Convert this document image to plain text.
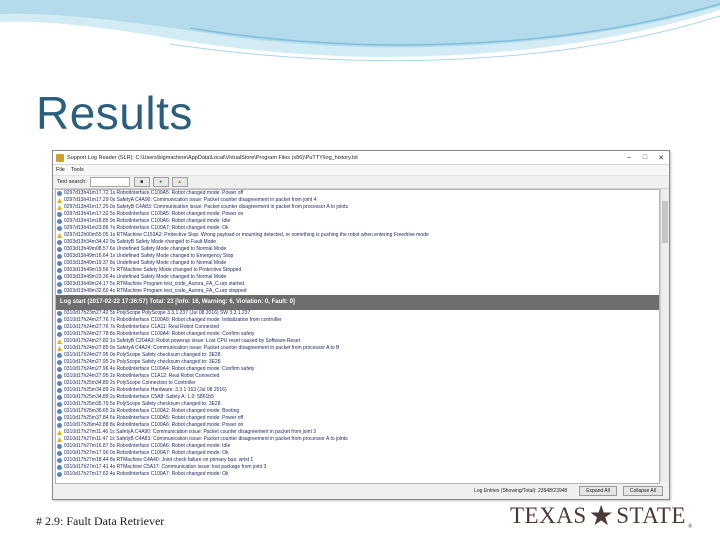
Results
Support Log Reader (SLR): C:\Users\bigmachine\AppData\Local\VirtualStore\Program Files (x86)\PuTTY\log_history.txt	–	□	✕
File Tools
Text search:	■	●	▲
0297d13h41m17.72 1s RobotInterface C100A5: Robot changed mode: Power off
0297d13h41m17.29 0s SafetyA C4A90: Communication issue: Packet counter disagreement in packet from joint 4
0297d13h41m17.29 0s SafetyB C4A83: Communication issue: Packet counter disagreement in packet from processor A to joints
0297d13h41m17.32 5s RobotInterface C100A5: Robot changed mode: Power on
0297d13h41m18.85 9s RobotInterface C100A6: Robot changed mode: Idle
0297d13h41m23.86 7s RobotInterface C100A7: Robot changed mode: Ok
0297d12h00m55.05 1s RTMachine C153A2: Protective Stop: Wrong payload or mounting detected, or something is pushing the robot when entering Freedrive mode
0303d13h34m34.42 9s SafetyB Safety Mode changed to Fault Mode
0303d13h49m08.57 6s Undefined Safety Mode changed to Normal Mode
0303d13h49m16.64 1s Undefined Safety Mode changed to Emergency Stop
0303d13h49m19.37 8s Undefined Safety Mode changed to Normal Mode
0303d13h49m19.56 7s RTMachine Safety Mode changed to Protective Stopped
0303d13h49m23.36 4s Undefined Safety Mode changed to Normal Mode
0303d13h49m24.17 5s RTMachine Program test_code_Aurora_FA_C.urp started
0303d13h49m32.60 4s RTMachine Program test_code_Aurora_FA_C.urp stopped
Log start (2017-02-22 17:36:57) Total: 23 [Info: 16, Warning: 6, Violation: 0, Fault: 0]
0310d17h23m27.42 5s PolyScope PolyScope 3.3.1.237 (Jul 08 2016) SW 3.3.1.237
0310d17h24m27.76 7s RobotInterface C100A8: Robot changed mode: Initialization from controller
0310d17h24m27.76 7s RobotInterface C1A11: Real Robot Connected
0310d17h24m27.78 8s RobotInterface C100A4: Robot changed mode: Confirm safety
0310d17h24m27.82 1s SafetyB C204A3: Robot powerup issue: Lost CPU reset caused by Software-Reset
0310d17h24m27.85 9s SafetyA C4A24: Communication issue: Packet counter disagreement in packet from processor A to B
0310d17h24m27.95 0s PolyScope Safety checksum changed to: 3E28
0310d17h24m27.95 2s PolyScope Safety checksum changed to: 3E28
0310d17h24m27.96 4s RobotInterface C100A4: Robot changed mode: Confirm safety
0310d17h24m27.95 2s RobotInterface C1A12: Real Robot Connected
0310d17h25m34.89 2s PolyScope Connection to Controller
0310d17h25m34.89 2s RobotInterface Hardware: 3.3 1.163 (Jul 08 2016)
0310d17h25m34.89 2s RobotInterface C5A8: Safety A: 1.0: 5861b5
0310d17h25m35.79 5s PolyScope Safety checksum changed to: 3E28
0310d17h25m36.65 2s RobotInterface C100A2: Robot changed mode: Booting
0310d17h25m37.84 6s RobotInterface C100A5: Robot changed mode: Power off
0310d17h26m42.88 8s RobotInterface C100A6: Robot changed mode: Power on
0310d17h27m11.46 1s SafetyA C4A90: Communication issue: Packet counter disagreement in packet from joint 3
0310d17h27m11.47 1s SafetyB C4A83: Communication issue: Packet counter disagreement in packet from processor A to joints
0310d17h27m16.87 5s RobotInterface C100A6: Robot changed mode: Idle
0310d17h27m17.90 0s RobotInterface C100A7: Robot changed mode: Ok
0310d17h27m18.44 8s RTMachine C4A40: Joint check failure on primary bus: wrist 1
0310d17h27m17.41 4s RTMachine C5A17: Communication issue: lost package from joint 3
0310d17h27m17.62 4s RobotInterface C100A7: Robot changed mode: Ok
Log Entries (Showing/Total): 23948/23948	Expand All	Collapse All
# 2.9: Fault Data Retriever	TEXAS ★ STATE ®
